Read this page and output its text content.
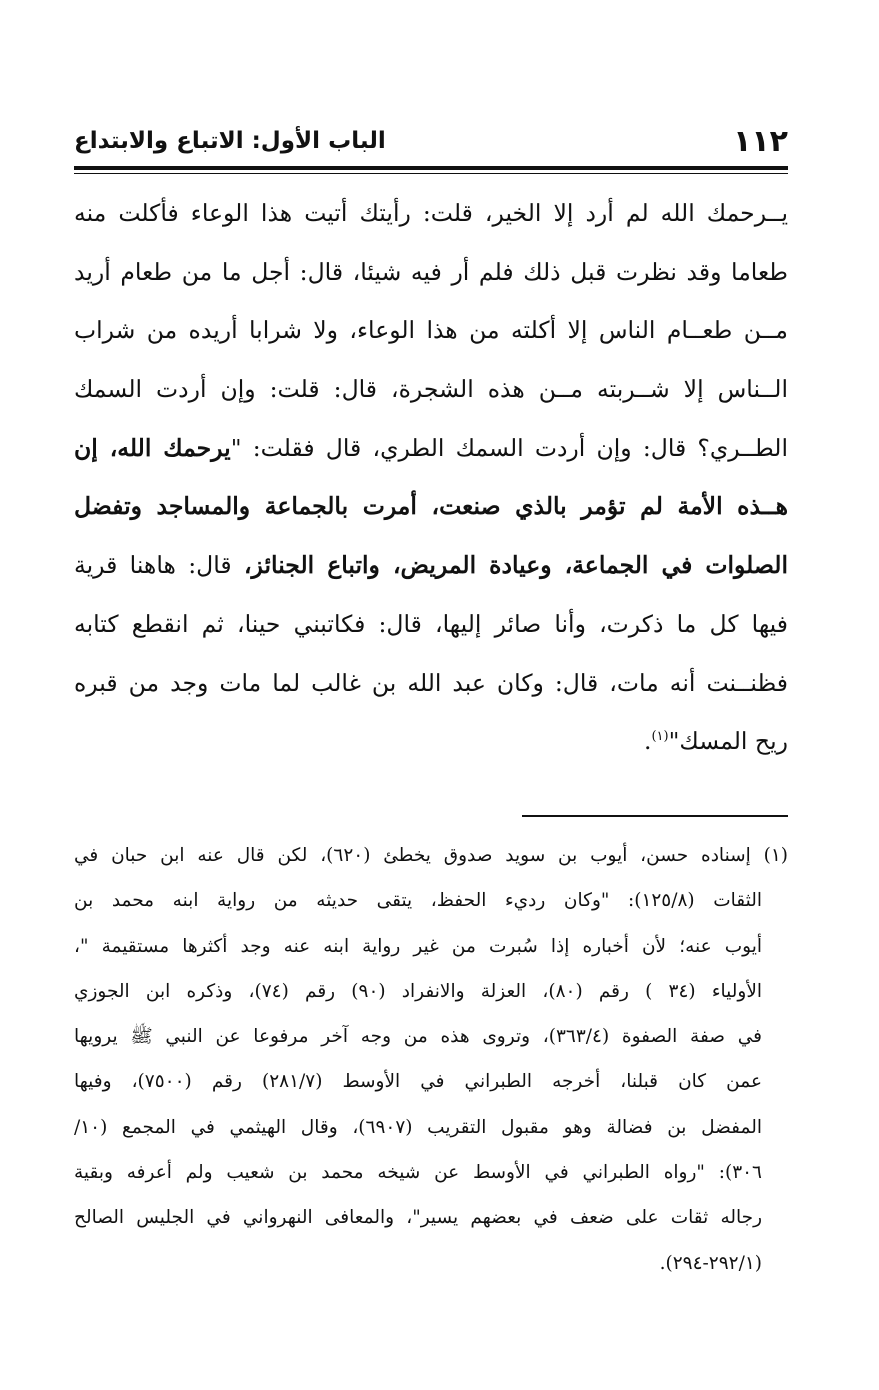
١١٢
الباب الأول: الاتباع والابتداع
يــرحمك الله لم أرد إلا الخير، قلت: رأيتك أتيت هذا الوعاء فأكلت منه
طعاما وقد نظرت قبل ذلك فلم أر فيه شيئا، قال: أجل ما من طعام أريد
مــن طعــام الناس إلا أكلته من هذا الوعاء، ولا شرابا أريده من شراب
الــناس إلا شــربته مــن هذه الشجرة، قال: قلت: وإن أردت السمك
الطــري؟ قال: وإن أردت السمك الطري، قال فقلت: "يرحمك الله، إن
هــذه الأمة لم تؤمر بالذي صنعت، أمرت بالجماعة والمساجد وتفضل
الصلوات في الجماعة، وعيادة المريض، واتباع الجنائز، قال: هاهنا قرية
فيها كل ما ذكرت، وأنا صائر إليها، قال: فكاتبني حينا، ثم انقطع كتابه
فظنــنت أنه مات، قال: وكان عبد الله بن غالب لما مات وجد من قبره
ريح المسك"$^{(١)}$.
(١) إسناده حسن، أيوب بن سويد صدوق يخطئ (٦٢٠)، لكن قال عنه ابن حبان في
الثقات (١٢٥/٨): "وكان رديء الحفظ، يتقى حديثه من رواية ابنه محمد بن
أيوب عنه؛ لأن أخباره إذا سُبرت من غير رواية ابنه عنه وجد أكثرها مستقيمة "،
الأولياء (٣٤ ) رقم (٨٠)، العزلة والانفراد (٩٠) رقم (٧٤)، وذكره ابن الجوزي
في صفة الصفوة (٣٦٣/٤)، وتروى هذه من وجه آخر مرفوعا عن النبي ﷺ يرويها
عمن كان قبلنا، أخرجه الطبراني في الأوسط (٢٨١/٧) رقم (٧٥٠٠)، وفيها
المفضل بن فضالة وهو مقبول التقريب (٦٩٠٧)، وقال الهيثمي في المجمع (١٠/
٣٠٦): "رواه الطبراني في الأوسط عن شيخه محمد بن شعيب ولم أعرفه وبقية
رجاله ثقات على ضعف في بعضهم يسير"، والمعافى النهرواني في الجليس الصالح
(٢٩٢/١-٢٩٤).
